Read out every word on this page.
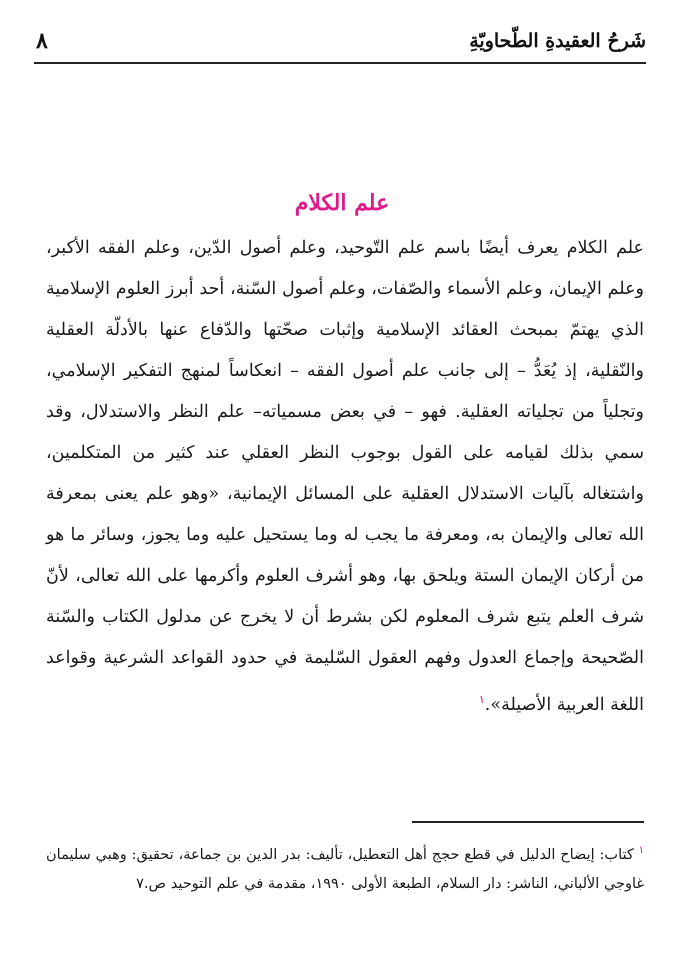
شَرحُ العقيدةِ الطّحاويّةِ
٨
علم الكلام
علم الكلام يعرف أيضًا باسم علم التّوحيد، وعلم أصول الدّين، وعلم الفقه الأكبر، وعلم الإيمان، وعلم الأسماء والصّفات، وعلم أصول السّنة، أحد أبرز العلوم الإسلامية الذي يهتمّ بمبحث العقائد الإسلامية وإثبات صحّتها والدّفاع عنها بالأدلّة العقلية والنّقلية، إذ يُعَدُّ – إلى جانب علم أصول الفقه – انعكاساً لمنهج التفكير الإسلامي، وتجلياً من تجلياته العقلية. فهو – في بعض مسمياته– علم النظر والاستدلال، وقد سمي بذلك لقيامه على القول بوجوب النظر العقلي عند كثير من المتكلمين، واشتغاله بآليات الاستدلال العقلية على المسائل الإيمانية، «وهو علم يعنى بمعرفة الله تعالى والإيمان به، ومعرفة ما يجب له وما يستحيل عليه وما يجوز، وسائر ما هو من أركان الإيمان الستة ويلحق بها، وهو أشرف العلوم وأكرمها على الله تعالى، لأنّ شرف العلم يتبع شرف المعلوم لكن بشرط أن لا يخرج عن مدلول الكتاب والسّنة الصّحيحة وإجماع العدول وفهم العقول السّليمة في حدود القواعد الشرعية وقواعد اللغة العربية الأصيلة».$^١$
$^١$ كتاب: إيضاح الدليل في قطع حجج أهل التعطيل، تأليف: بدر الدين بن جماعة، تحقيق: وهبي سليمان غاوجي الألباني، الناشر: دار السلام، الطبعة الأولى ١٩٩٠، مقدمة في علم التوحيد ص.٧
